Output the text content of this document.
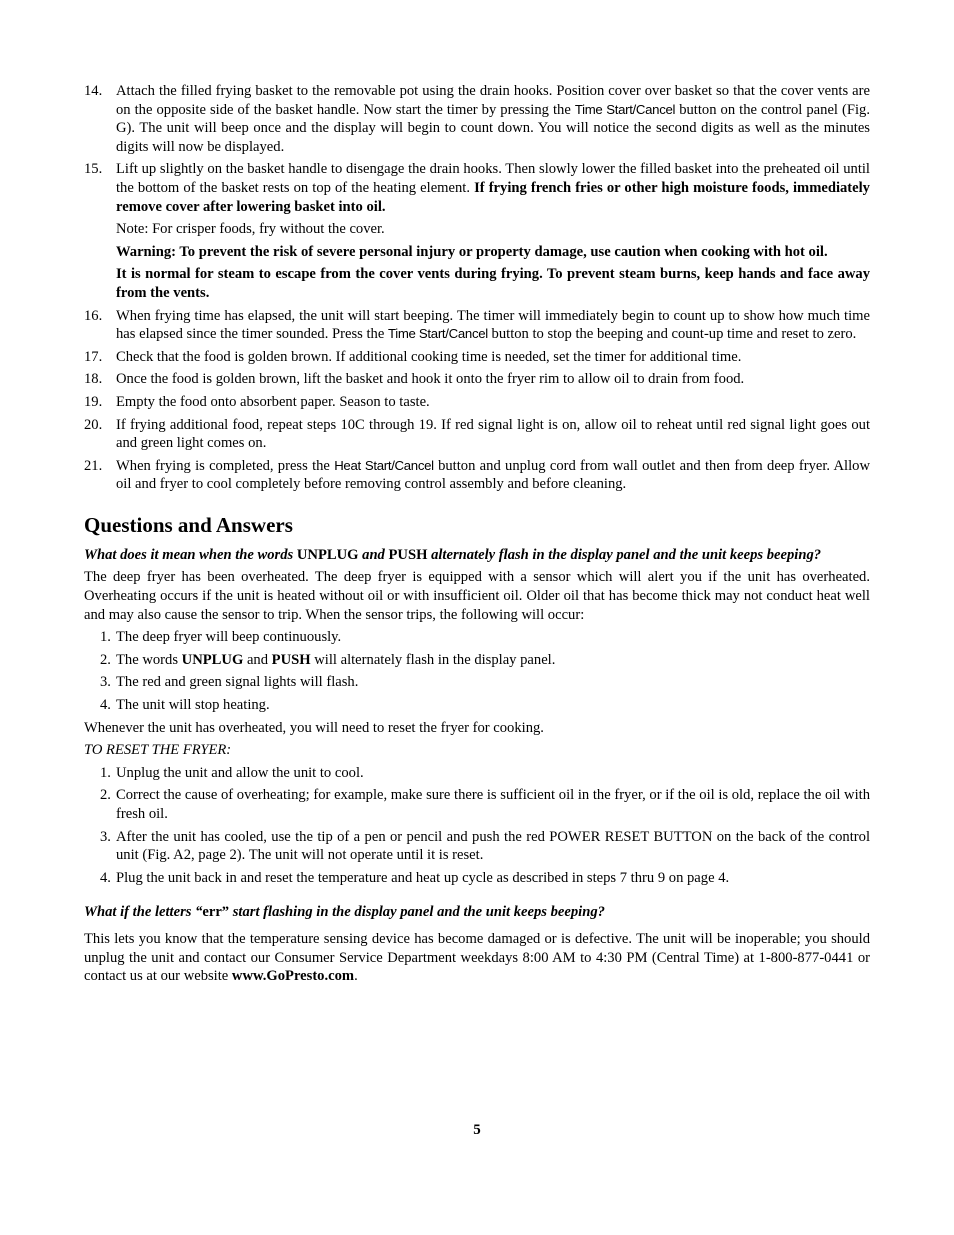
14. Attach the filled frying basket to the removable pot using the drain hooks. Position cover over basket so that the cover vents are on the opposite side of the basket handle. Now start the timer by pressing the Time Start/Cancel button on the control panel (Fig. G). The unit will beep once and the display will begin to count down. You will notice the second digits as well as the minutes digits will now be displayed.
15. Lift up slightly on the basket handle to disengage the drain hooks. Then slowly lower the filled basket into the preheated oil until the bottom of the basket rests on top of the heating element. If frying french fries or other high moisture foods, immediately remove cover after lowering basket into oil.

Note: For crisper foods, fry without the cover.

Warning: To prevent the risk of severe personal injury or property damage, use caution when cooking with hot oil.

It is normal for steam to escape from the cover vents during frying. To prevent steam burns, keep hands and face away from the vents.

16. When frying time has elapsed, the unit will start beeping. The timer will immediately begin to count up to show how much time has elapsed since the timer sounded. Press the Time Start/Cancel button to stop the beeping and count-up time and reset to zero.
17. Check that the food is golden brown. If additional cooking time is needed, set the timer for additional time.
18. Once the food is golden brown, lift the basket and hook it onto the fryer rim to allow oil to drain from food.
19. Empty the food onto absorbent paper. Season to taste.
20. If frying additional food, repeat steps 10C through 19. If red signal light is on, allow oil to reheat until red signal light goes out and green light comes on.
21. When frying is completed, press the Heat Start/Cancel button and unplug cord from wall outlet and then from deep fryer. Allow oil and fryer to cool completely before removing control assembly and before cleaning.
Questions and Answers

What does it mean when the words UNPLUG and PUSH alternately flash in the display panel and the unit keeps beeping?

The deep fryer has been overheated. The deep fryer is equipped with a sensor which will alert you if the unit has overheated. Overheating occurs if the unit is heated without oil or with insufficient oil. Older oil that has become thick may not conduct heat well and may also cause the sensor to trip. When the sensor trips, the following will occur:

1. The deep fryer will beep continuously.
2. The words UNPLUG and PUSH will alternately flash in the display panel.
3. The red and green signal lights will flash.
4. The unit will stop heating.

Whenever the unit has overheated, you will need to reset the fryer for cooking.

TO RESET THE FRYER:

1. Unplug the unit and allow the unit to cool.
2. Correct the cause of overheating; for example, make sure there is sufficient oil in the fryer, or if the oil is old, replace the oil with fresh oil.
3. After the unit has cooled, use the tip of a pen or pencil and push the red POWER RESET BUTTON on the back of the control unit (Fig. A2, page 2). The unit will not operate until it is reset.
4. Plug the unit back in and reset the temperature and heat up cycle as described in steps 7 thru 9 on page 4.

What if the letters “err” start flashing in the display panel and the unit keeps beeping?

This lets you know that the temperature sensing device has become damaged or is defective. The unit will be inoperable; you should unplug the unit and contact our Consumer Service Department weekdays 8:00 AM to 4:30 PM (Central Time) at 1-800-877-0441 or contact us at our website www.GoPresto.com.

5
